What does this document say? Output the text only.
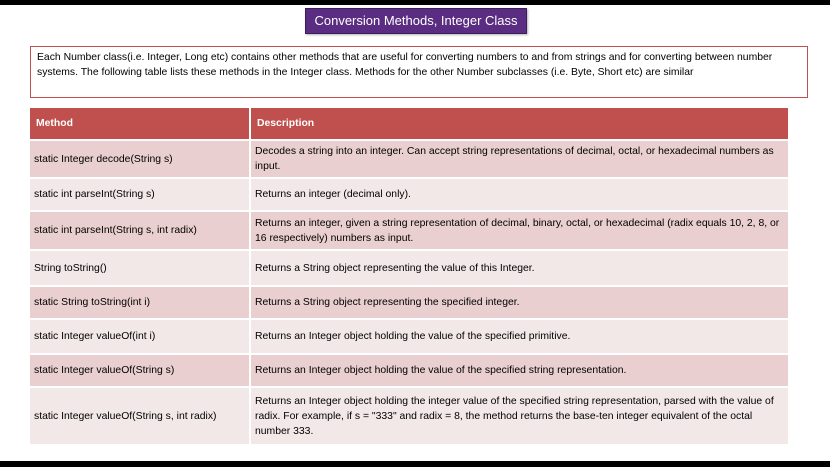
Conversion Methods, Integer Class
Each Number class(i.e. Integer, Long etc) contains other methods that are useful for converting numbers to and from strings and for converting between number systems. The following table lists these methods in the Integer class. Methods for the other Number subclasses (i.e. Byte, Short etc) are similar
Method	Description
static Integer decode(String s)	Decodes a string into an integer. Can accept string representations of decimal, octal, or hexadecimal numbers as input.
static int parseInt(String s)	Returns an integer (decimal only).
static int parseInt(String s, int radix)	Returns an integer, given a string representation of decimal, binary, octal, or hexadecimal (radix equals 10, 2, 8, or 16 respectively) numbers as input.
String toString()	Returns a String object representing the value of this Integer.
static String toString(int i)	Returns a String object representing the specified integer.
static Integer valueOf(int i)	Returns an Integer object holding the value of the specified primitive.
static Integer valueOf(String s)	Returns an Integer object holding the value of the specified string representation.
static Integer valueOf(String s, int radix)	Returns an Integer object holding the integer value of the specified string representation, parsed with the value of radix. For example, if s = "333" and radix = 8, the method returns the base-ten integer equivalent of the octal number 333.
